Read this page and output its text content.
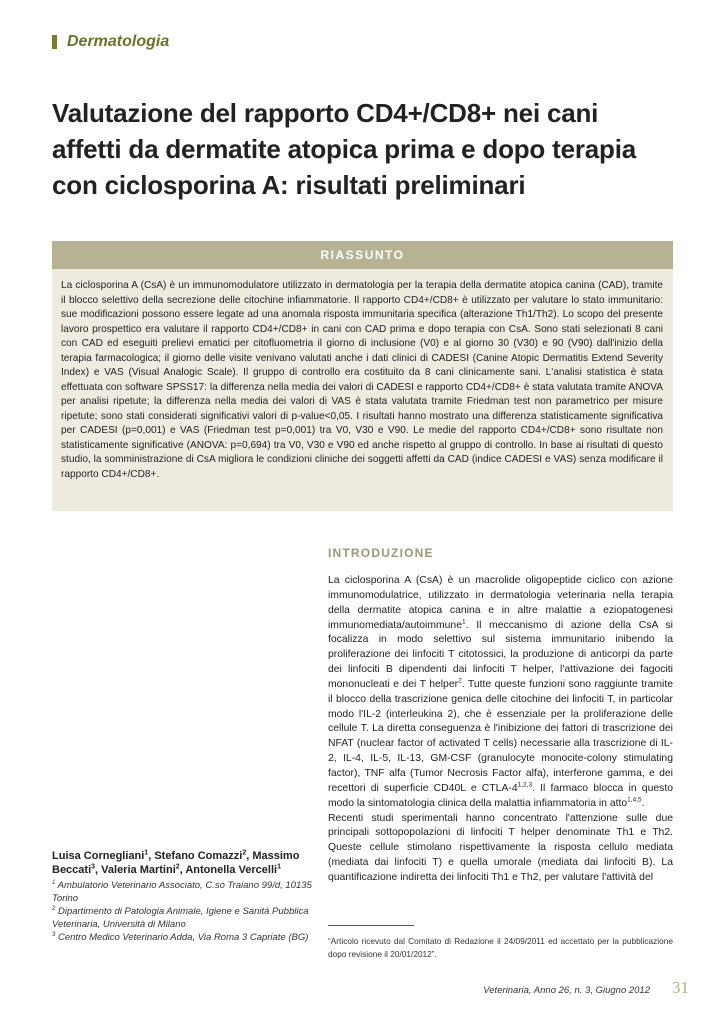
Dermatologia
Valutazione del rapporto CD4+/CD8+ nei cani affetti da dermatite atopica prima e dopo terapia con ciclosporina A: risultati preliminari
RIASSUNTO
La ciclosporina A (CsA) è un immunomodulatore utilizzato in dermatologia per la terapia della dermatite atopica canina (CAD), tramite il blocco selettivo della secrezione delle citochine infiammatorie. Il rapporto CD4+/CD8+ è utilizzato per valutare lo stato immunitario: sue modificazioni possono essere legate ad una anomala risposta immunitaria specifica (alterazione Th1/Th2). Lo scopo del presente lavoro prospettico era valutare il rapporto CD4+/CD8+ in cani con CAD prima e dopo terapia con CsA. Sono stati selezionati 8 cani con CAD ed eseguiti prelievi ematici per citofluometria il giorno di inclusione (V0) e al giorno 30 (V30) e 90 (V90) dall'inizio della terapia farmacologica; il giorno delle visite venivano valutati anche i dati clinici di CADESI (Canine Atopic Dermatitis Extend Severity Index) e VAS (Visual Analogic Scale). Il gruppo di controllo era costituito da 8 cani clinicamente sani. L'analisi statistica è stata effettuata con software SPSS17: la differenza nella media dei valori di CADESI e rapporto CD4+/CD8+ è stata valutata tramite ANOVA per analisi ripetute; la differenza nella media dei valori di VAS è stata valutata tramite Friedman test non parametrico per misure ripetute; sono stati considerati significativi valori di p-value<0,05. I risultati hanno mostrato una differenza statisticamente significativa per CADESI (p=0,001) e VAS (Friedman test p=0,001) tra V0, V30 e V90. Le medie del rapporto CD4+/CD8+ sono risultate non statisticamente significative (ANOVA: p=0,694) tra V0, V30 e V90 ed anche rispetto al gruppo di controllo. In base ai risultati di questo studio, la somministrazione di CsA migliora le condizioni cliniche dei soggetti affetti da CAD (indice CADESI e VAS) senza modificare il rapporto CD4+/CD8+.
INTRODUZIONE

La ciclosporina A (CsA) è un macrolide oligopeptide ciclico con azione immunomodulatrice, utilizzato in dermatologia veterinaria nella terapia della dermatite atopica canina e in altre malattie a eziopatogenesi immunomediata/autoimmune$^1$. Il meccanismo di azione della CsA si focalizza in modo selettivo sul sistema immunitario inibendo la proliferazione dei linfociti T citotossici, la produzione di anticorpi da parte dei linfociti B dipendenti dai linfociti T helper, l'attivazione dei fagociti mononucleati e dei T helper$^2$. Tutte queste funzioni sono raggiunte tramite il blocco della trascrizione genica delle citochine dei linfociti T, in particolar modo l'IL-2 (interleukina 2), che è essenziale per la proliferazione delle cellule T. La diretta conseguenza è l'inibizione dei fattori di trascrizione dei NFAT (nuclear factor of activated T cells) necessarie alla trascrizione di IL-2, IL-4, IL-5, IL-13, GM-CSF (granulocyte monocite-colony stimulating factor), TNF alfa (Tumor Necrosis Factor alfa), interferone gamma, e dei recettori di superficie CD40L e CTLA-4$^{1,2,3}$. Il farmaco blocca in questo modo la sintomatologia clinica della malattia infiammatoria in atto$^{1,4,5}$.

Recenti studi sperimentali hanno concentrato l'attenzione sulle due principali sottopopolazioni di linfociti T helper denominate Th1 e Th2. Queste cellule stimolano rispettivamente la risposta cellulo mediata (mediata dai linfociti T) e quella umorale (mediata dai linfociti B). La quantificazione indiretta dei linfociti Th1 e Th2, per valutare l'attività del

Luisa Cornegliani$^1$, Stefano Comazzi$^2$, Massimo Beccati$^3$, Valeria Martini$^2$, Antonella Vercelli$^1$
$^1$ Ambulatorio Veterinario Associato, C.so Traiano 99/d, 10135 Torino
$^2$ Dipartimento di Patologia Animale, Igiene e Sanità Pubblica Veterinaria, Università di Milano
$^3$ Centro Medico Veterinario Adda, Via Roma 3 Capriate (BG)	“Articolo ricevuto dal Comitato di Redazione il 24/09/2011 ed accettato per la pubblicazione dopo revisione il 20/01/2012”.
Veterinaria, Anno 26, n. 3, Giugno 2012 31
